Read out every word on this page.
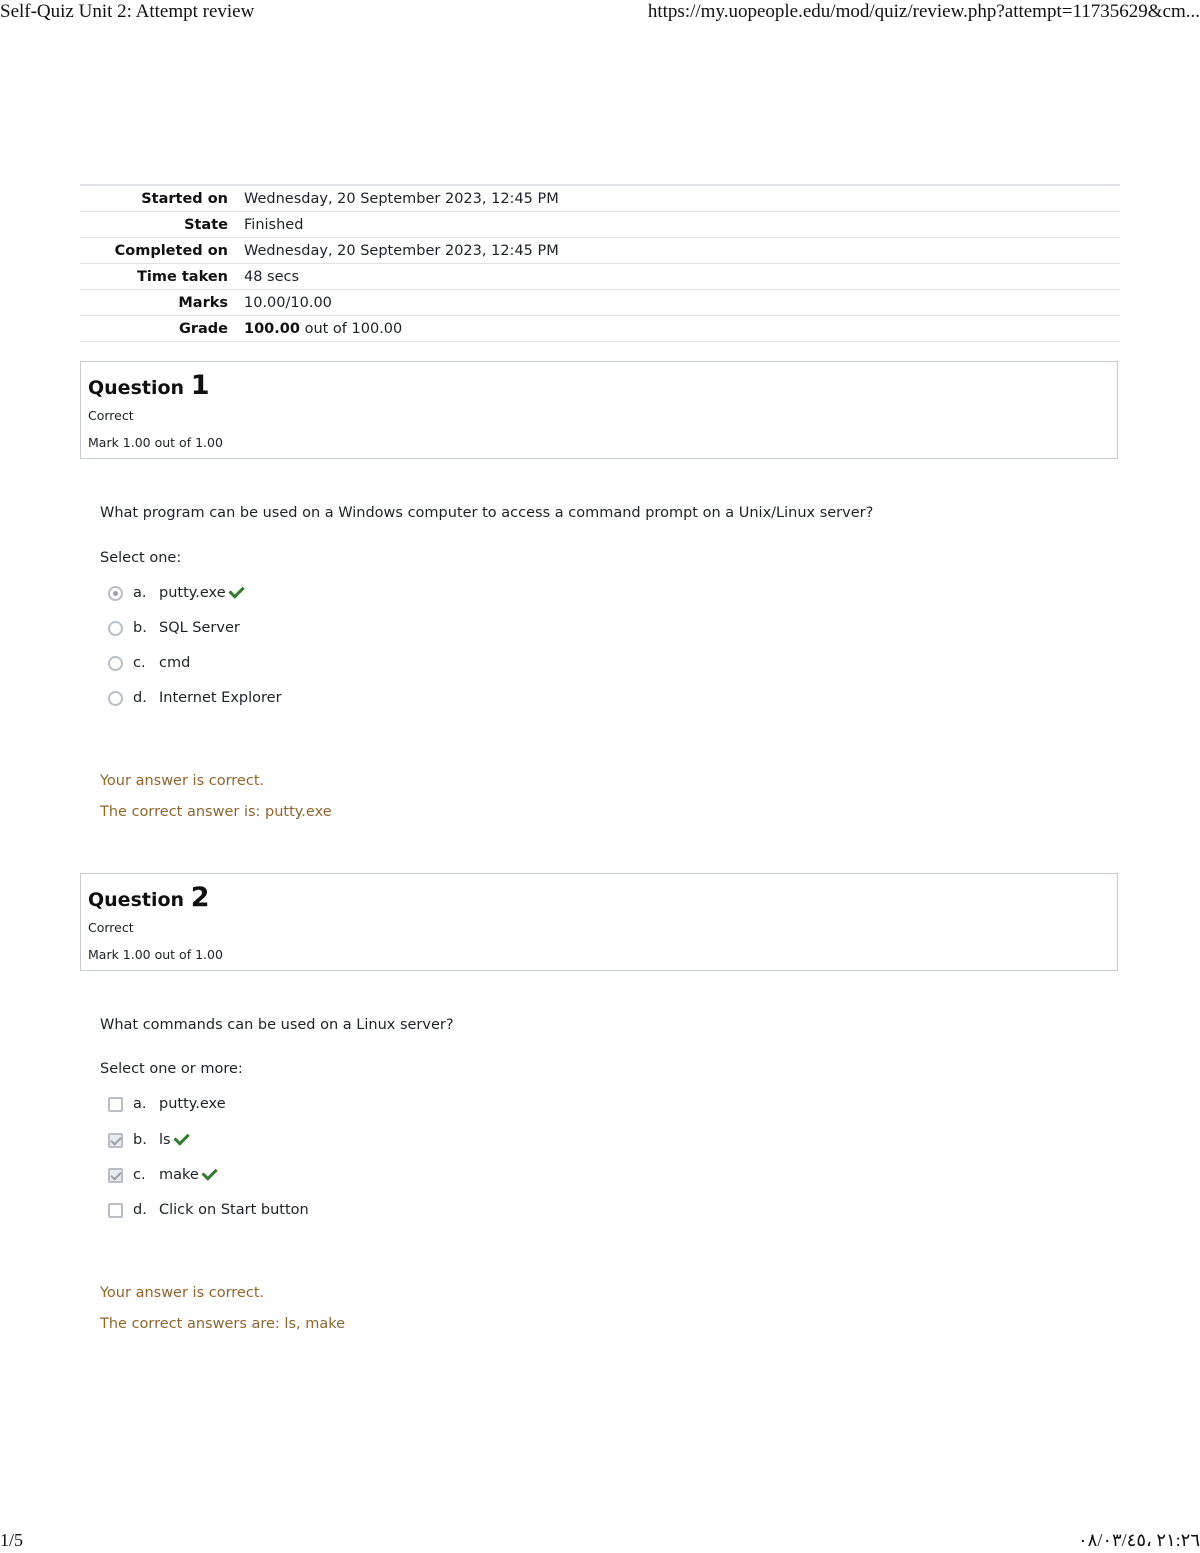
Self-Quiz Unit 2: Attempt review	https://my.uopeople.edu/mod/quiz/review.php?attempt=11735629&cm...
Started on	Wednesday, 20 September 2023, 12:45 PM
State	Finished
Completed on	Wednesday, 20 September 2023, 12:45 PM
Time taken	48 secs
Marks	10.00/10.00
Grade	100.00 out of 100.00
Question 1
Correct
Mark 1.00 out of 1.00
What program can be used on a Windows computer to access a command prompt on a Unix/Linux server?
Select one:
a. putty.exe
b. SQL Server
c. cmd
d. Internet Explorer
Your answer is correct.
The correct answer is: putty.exe
Question 2
Correct
Mark 1.00 out of 1.00
What commands can be used on a Linux server?
Select one or more:
a. putty.exe
b. ls
c. make
d. Click on Start button
Your answer is correct.
The correct answers are: ls, make
1/5	٢١:٢٦ ،٠٨/٠٣/٤٥
